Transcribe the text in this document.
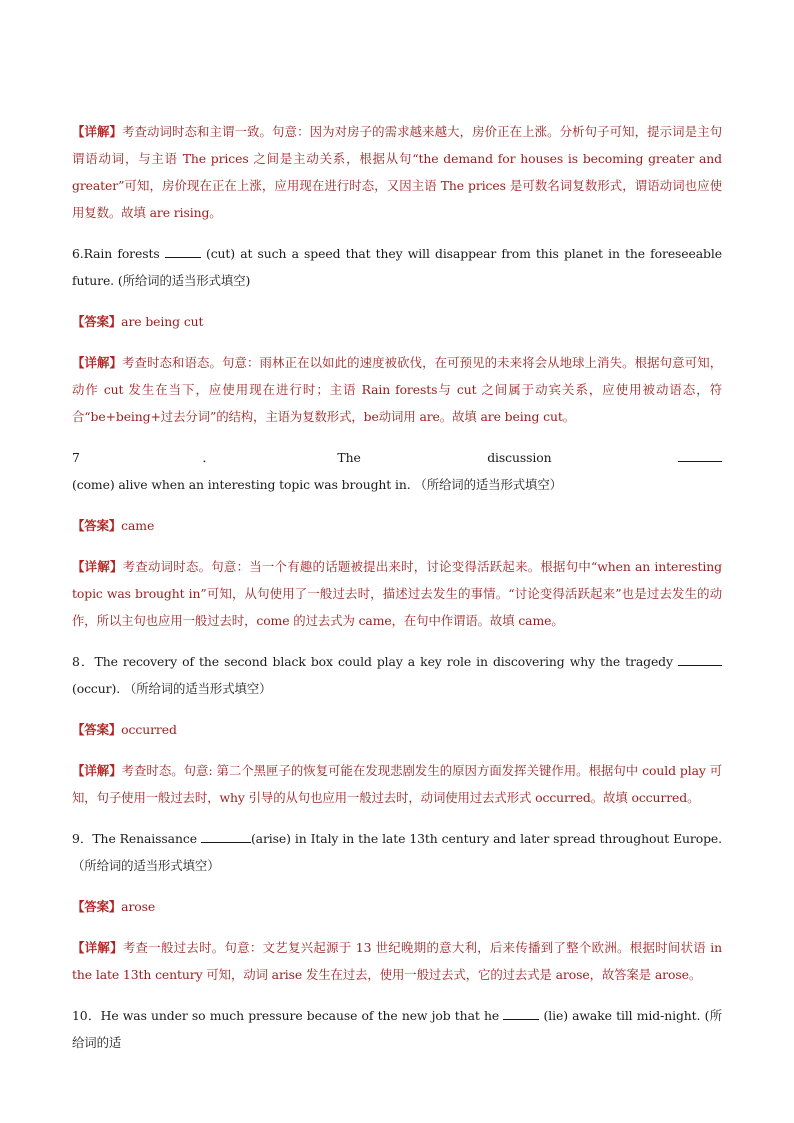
【详解】考查动词时态和主谓一致。句意：因为对房子的需求越来越大，房价正在上涨。分析句子可知，提示词是主句谓语动词，与主语 The prices 之间是主动关系，根据从句“the demand for houses is becoming greater and greater”可知，房价现在正在上涨，应用现在进行时态，又因主语 The prices 是可数名词复数形式，谓语动词也应使用复数。故填 are rising。

6.Rain forests	(cut) at such a speed that they will disappear from this planet in the foreseeable future. (所给词的适当形式填空)

【答案】are being cut

【详解】考查时态和语态。句意：雨林正在以如此的速度被砍伐，在可预见的未来将会从地球上消失。根据句意可知，动作 cut 发生在当下，应使用现在进行时；主语 Rain forests与 cut 之间属于动宾关系，应使用被动语态，符合“be+being+过去分词”的结构，主语为复数形式，be动词用 are。故填 are being cut。

7．The discussion  (come) alive when an interesting topic was brought in. （所给词的适当形式填空）

【答案】came

【详解】考查动词时态。句意：当一个有趣的话题被提出来时，讨论变得活跃起来。根据句中“when an interesting topic was brought in”可知，从句使用了一般过去时，描述过去发生的事情。“讨论变得活跃起来”也是过去发生的动作，所以主句也应用一般过去时，come 的过去式为 came，在句中作谓语。故填 came。

8．The recovery of the second black box could play a key role in discovering why the tragedy  (occur). （所给词的适当形式填空）

【答案】occurred

【详解】考查时态。句意: 第二个黑匣子的恢复可能在发现悲剧发生的原因方面发挥关键作用。根据句中 could play 可知，句子使用一般过去时，why 引导的从句也应用一般过去时，动词使用过去式形式 occurred。故填 occurred。

9．The Renaissance	(arise) in Italy in the late 13th century and later spread throughout Europe. （所给词的适当形式填空）

【答案】arose

【详解】考查一般过去时。句意：文艺复兴起源于 13 世纪晚期的意大利，后来传播到了整个欧洲。根据时间状语 in the late 13th century 可知，动词 arise 发生在过去，使用一般过去式，它的过去式是 arose，故答案是 arose。

10．He was under so much pressure because of the new job that he	(lie) awake till mid-night. (所给词的适
